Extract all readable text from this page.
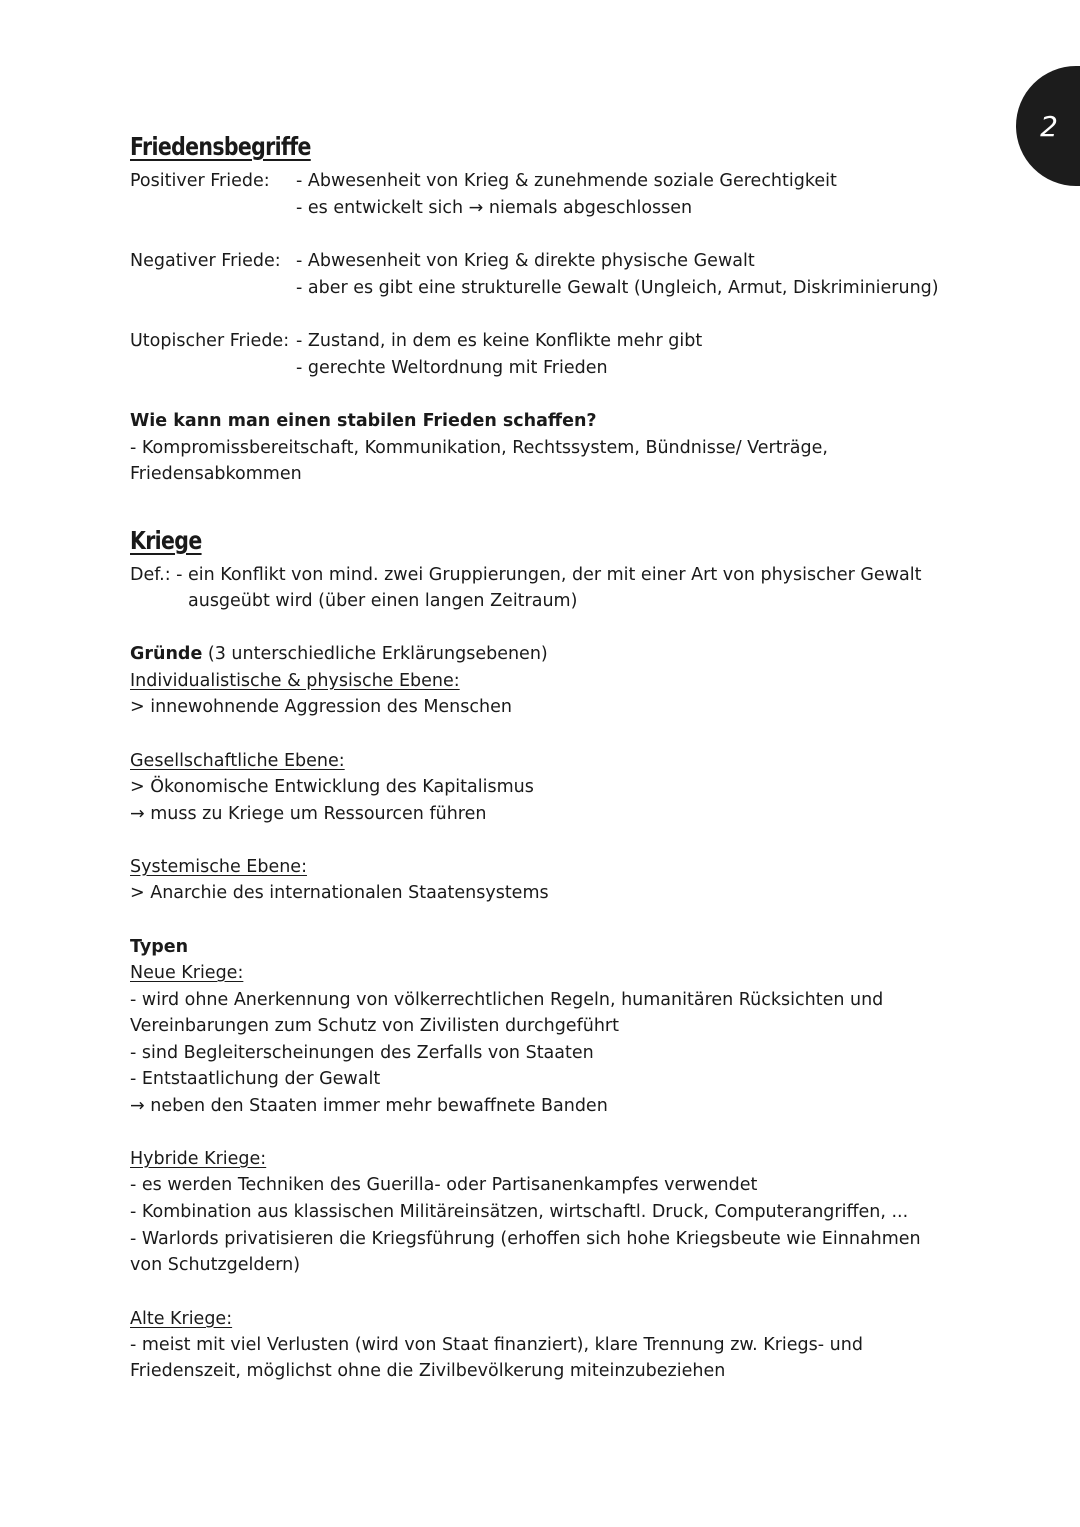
2
Friedensbegriffe
Positiver Friede: - Abwesenheit von Krieg & zunehmende soziale Gerechtigkeit
- es entwickelt sich → niemals abgeschlossen
Negativer Friede: - Abwesenheit von Krieg & direkte physische Gewalt
- aber es gibt eine strukturelle Gewalt (Ungleich, Armut, Diskriminierung)
Utopischer Friede: - Zustand, in dem es keine Konflikte mehr gibt
- gerechte Weltordnung mit Frieden
Wie kann man einen stabilen Frieden schaffen?
- Kompromissbereitschaft, Kommunikation, Rechtssystem, Bündnisse/ Verträge,
Friedensabkommen
Kriege
Def.: - ein Konflikt von mind. zwei Gruppierungen, der mit einer Art von physischer Gewalt
ausgeübt wird (über einen langen Zeitraum)
Gründe (3 unterschiedliche Erklärungsebenen)
Individualistische & physische Ebene:
> innewohnende Aggression des Menschen
Gesellschaftliche Ebene:
> Ökonomische Entwicklung des Kapitalismus
→ muss zu Kriege um Ressourcen führen
Systemische Ebene:
> Anarchie des internationalen Staatensystems
Typen
Neue Kriege:
- wird ohne Anerkennung von völkerrechtlichen Regeln, humanitären Rücksichten und
Vereinbarungen zum Schutz von Zivilisten durchgeführt
- sind Begleiterscheinungen des Zerfalls von Staaten
- Entstaatlichung der Gewalt
→ neben den Staaten immer mehr bewaffnete Banden
Hybride Kriege:
- es werden Techniken des Guerilla- oder Partisanenkampfes verwendet
- Kombination aus klassischen Militäreinsätzen, wirtschaftl. Druck, Computerangriffen, ...
- Warlords privatisieren die Kriegsführung (erhoffen sich hohe Kriegsbeute wie Einnahmen
von Schutzgeldern)
Alte Kriege:
- meist mit viel Verlusten (wird von Staat finanziert), klare Trennung zw. Kriegs- und
Friedenszeit, möglichst ohne die Zivilbevölkerung miteinzubeziehen
